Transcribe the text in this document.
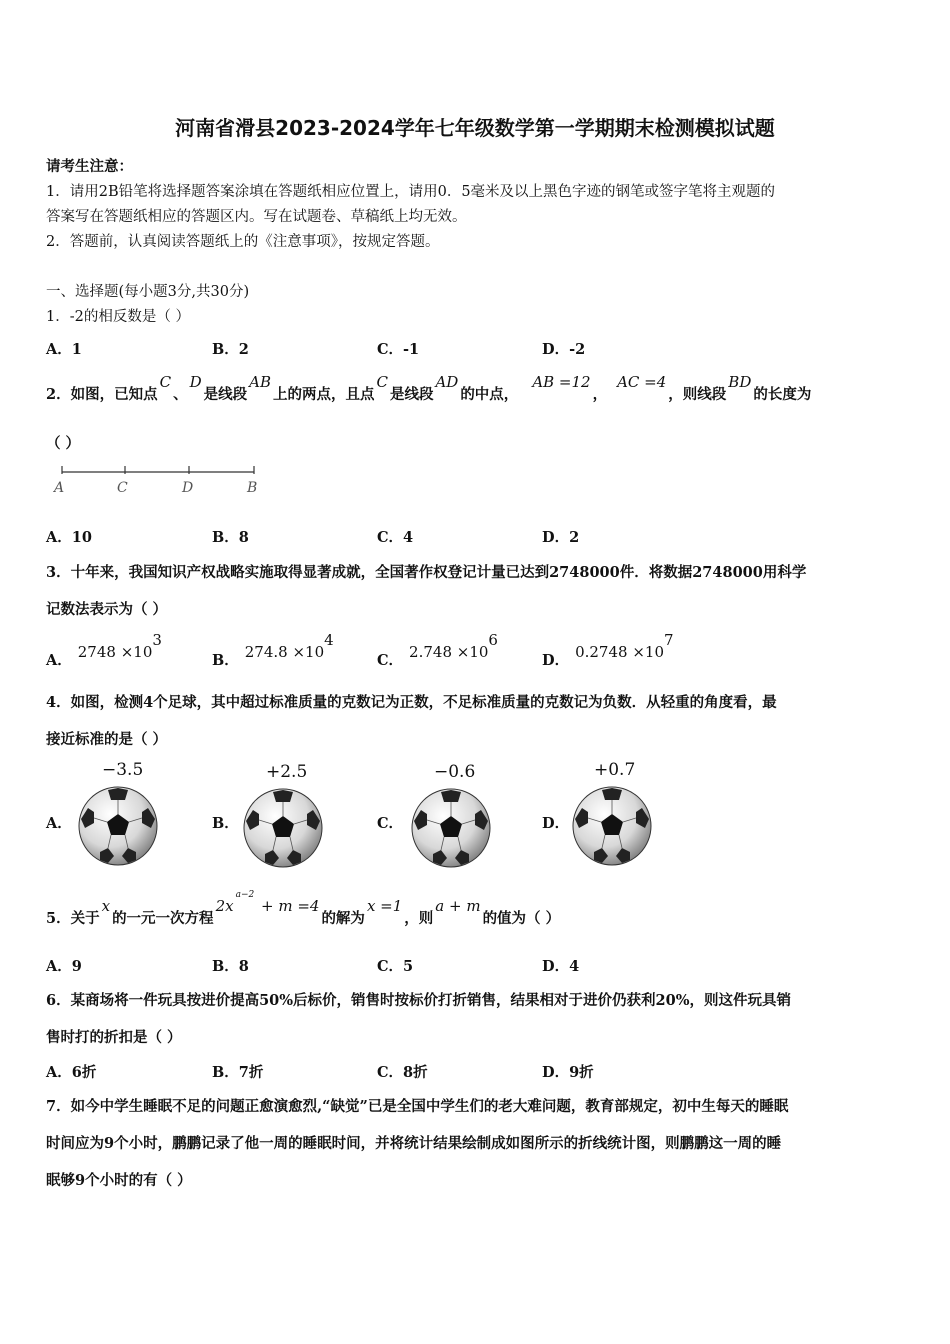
河南省滑县2023-2024学年七年级数学第一学期期末检测模拟试题
请考生注意：
1．请用2B铅笔将选择题答案涂填在答题纸相应位置上，请用0．5毫米及以上黑色字迹的钢笔或签字笔将主观题的
答案写在答题纸相应的答题区内。写在试题卷、草稿纸上均无效。
2．答题前，认真阅读答题纸上的《注意事项》，按规定答题。
一、选择题(每小题3分,共30分)
1．-2的相反数是（ ）
A．1	B．2	C．-1	D．-2
2．如图，已知点C、D是线段AB上的两点，且点C是线段AD的中点，AB =12，AC =4，则线段BD的长度为
（ ）
A	C	D	B
A．10	B．8	C．4	D．2
3．十年来，我国知识产权战略实施取得显著成就，全国著作权登记计量已达到2748000件．将数据2748000用科学
记数法表示为（ ）
A． $2748 \times 10^3$
B． $274.8 \times 10^4$
C． $2.748 \times 10^6$
D． $0.2748 \times 10^7$
4．如图，检测4个足球，其中超过标准质量的克数记为正数，不足标准质量的克数记为负数．从轻重的角度看，最
接近标准的是（ ）
A．
−3.5
B．
+2.5
C．
−0.6
D．
+0.7
5．关于x的一元一次方程$2x^{a-2} + m =4$的解为x =1，则a + m的值为（ ）
A．9	B．8	C．5	D．4
6．某商场将一件玩具按进价提高50%后标价，销售时按标价打折销售，结果相对于进价仍获利20%，则这件玩具销
售时打的折扣是（ ）
A．6折	B．7折	C．8折	D．9折
7．如今中学生睡眠不足的问题正愈演愈烈,“缺觉”已是全国中学生们的老大难问题，教育部规定，初中生每天的睡眠
时间应为9个小时，鹏鹏记录了他一周的睡眠时间，并将统计结果绘制成如图所示的折线统计图，则鹏鹏这一周的睡
眠够9个小时的有（ ）
